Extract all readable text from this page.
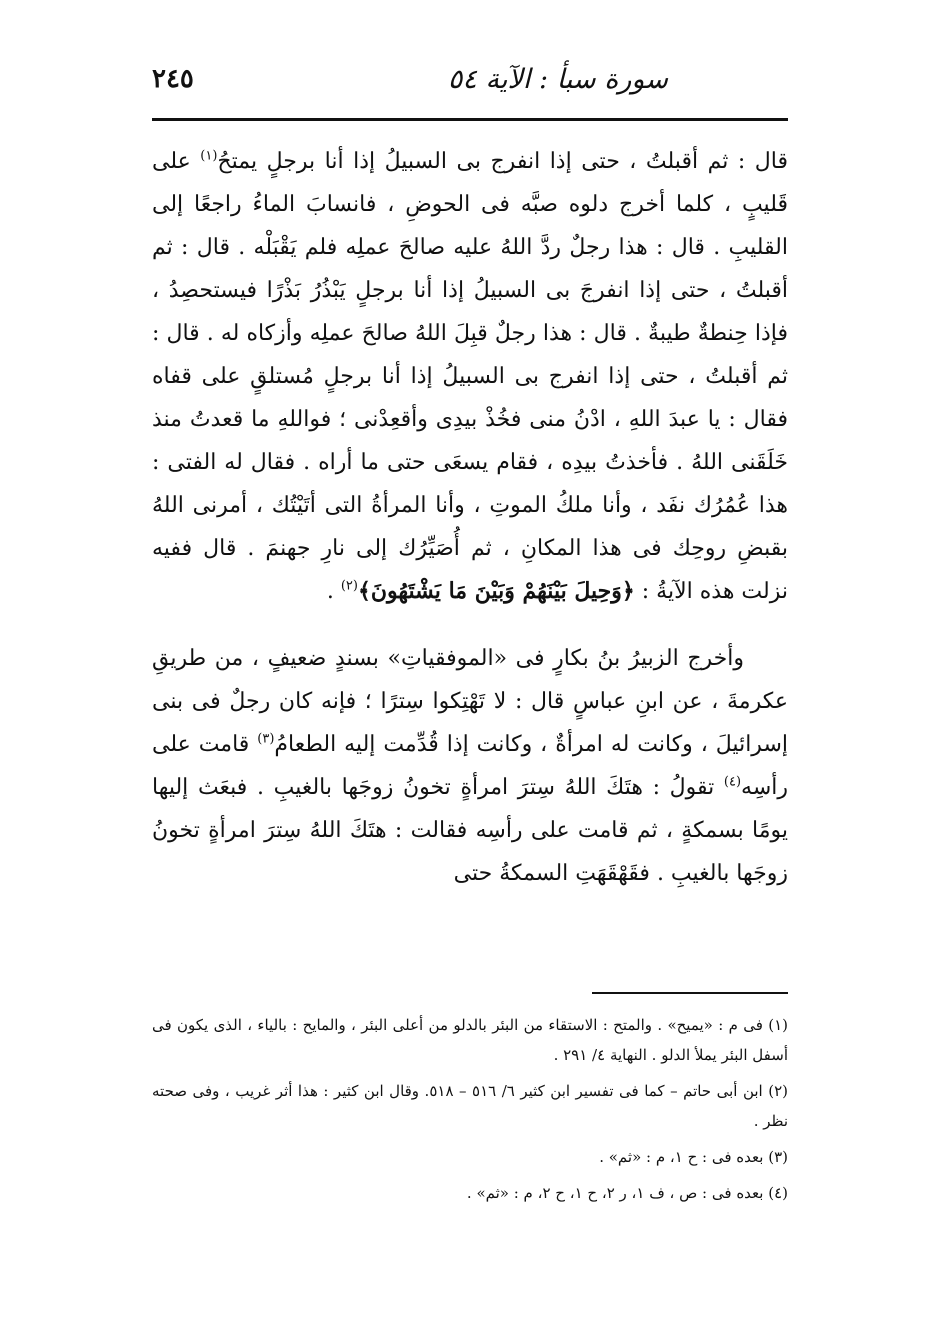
سورة سبأ : الآية ٥٤
٢٤٥

قال : ثم أقبلتُ ، حتى إذا انفرج بى السبيلُ إذا أنا برجلٍ يمتحُ$^{(١)}$ على قَليبٍ ، كلما أخرج دلوه صبَّه فى الحوضِ ، فانسابَ الماءُ راجعًا إلى القليبِ . قال : هذا رجلٌ ردَّ اللهُ عليه صالحَ عملِه فلم يَقْبَلْه . قال : ثم أقبلتُ ، حتى إذا انفرجَ بى السبيلُ إذا أنا برجلٍ يَبْذُرُ بَذْرًا فيستحصِدُ ، فإذا حِنطةٌ طيبةٌ . قال : هذا رجلٌ قبِلَ اللهُ صالحَ عملِه وأزكاه له . قال : ثم أقبلتُ ، حتى إذا انفرج بى السبيلُ إذا أنا برجلٍ مُستلقٍ على قفاه فقال : يا عبدَ اللهِ ، ادْنُ منى فخُذْ بيدِى وأقعِدْنى ؛ فواللهِ ما قعدتُ منذ خَلَقَنى اللهُ . فأخذتُ بيدِه ، فقام يسعَى حتى ما أراه . فقال له الفتى : هذا عُمُرُك نفَد ، وأنا ملكُ الموتِ ، وأنا المرأةُ التى أتَيْتُك ، أمرنى اللهُ بقبضِ روحِك فى هذا المكانِ ، ثم أُصَيِّرُك إلى نارِ جهنمَ . قال ففيه نزلت هذه الآيةُ : ﴿وَحِيلَ بَيْنَهُمْ وَبَيْنَ مَا يَشْتَهُونَ﴾$^{(٢)}$ .

وأخرج الزبيرُ بنُ بكارٍ فى «الموفقياتِ» بسندٍ ضعيفٍ ، من طريقِ عكرمةَ ، عن ابنِ عباسٍ قال : لا تَهْتِكوا سِترًا ؛ فإنه كان رجلٌ فى بنى إسرائيلَ ، وكانت له امرأةٌ ، وكانت إذا قُدِّمت إليه الطعامُ$^{(٣)}$ قامت على رأسِه$^{(٤)}$ تقولُ : هتَكَ اللهُ سِترَ امرأةٍ تخونُ زوجَها بالغيبِ . فبعَث إليها يومًا بسمكةٍ ، ثم قامت على رأسِه فقالت : هتَكَ اللهُ سِترَ امرأةٍ تخونُ زوجَها بالغيبِ . فقَهْقَهَتِ السمكةُ حتى

(١) فى م : «يميح» . والمتح : الاستقاء من البئر بالدلو من أعلى البئر ، والمايح : بالياء ، الذى يكون فى أسفل البئر يملأ الدلو . النهاية ٤/ ٢٩١ .

(٢) ابن أبى حاتم – كما فى تفسير ابن كثير ٦/ ٥١٦ – ٥١٨. وقال ابن كثير : هذا أثر غريب ، وفى صحته نظر .

(٣) بعده فى : ح ١، م : «ثم» .

(٤) بعده فى : ص ، ف ١، ر ٢، ح ١، ح ٢، م : «ثم» .
